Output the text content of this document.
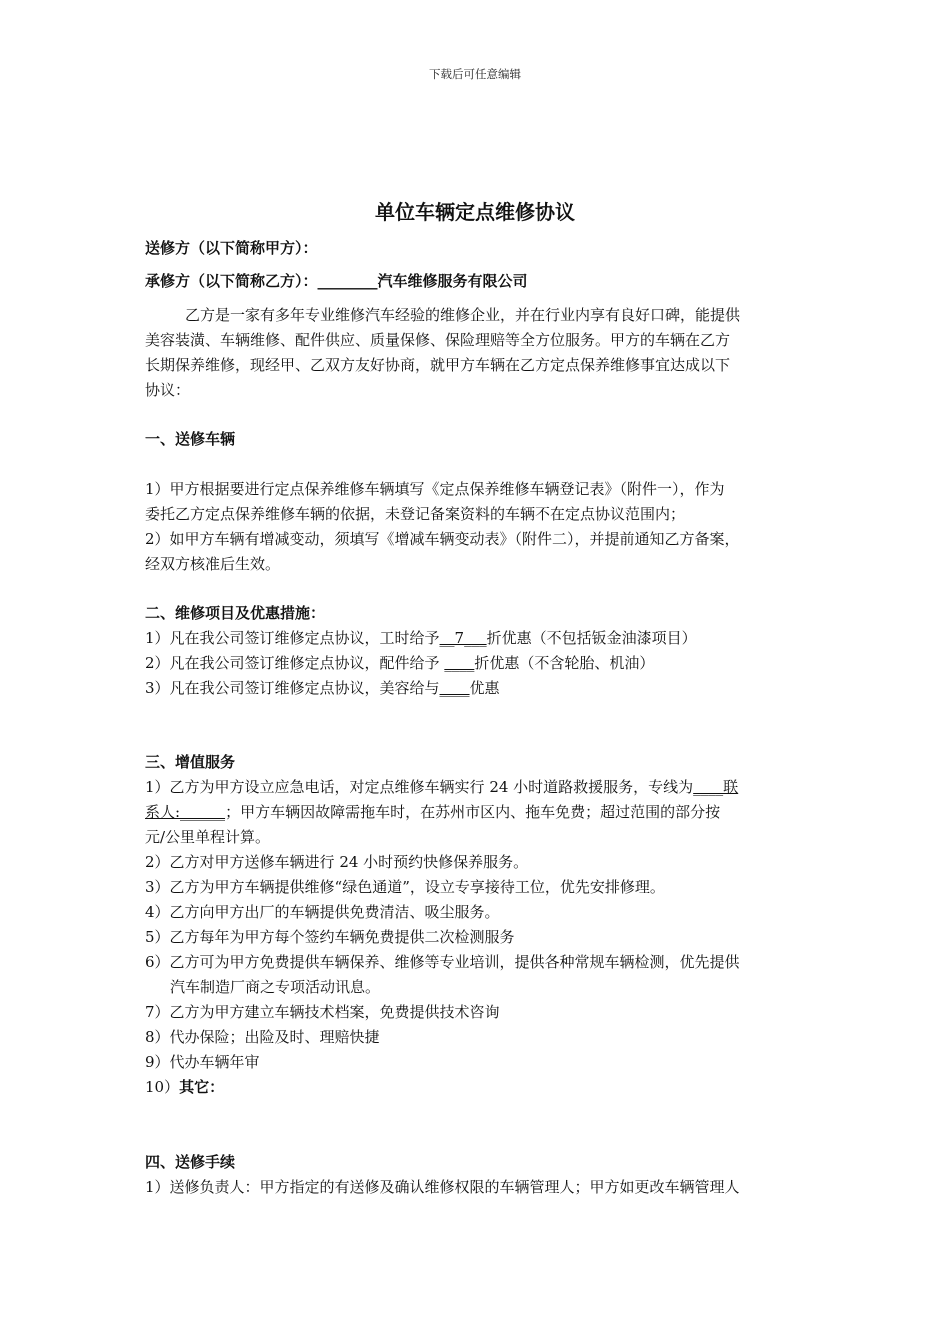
下载后可任意编辑
单位车辆定点维修协议
送修方（以下简称甲方）：
承修方（以下简称乙方）：________汽车维修服务有限公司
乙方是一家有多年专业维修汽车经验的维修企业，并在行业内享有良好口碑，能提供
美容装潢、车辆维修、配件供应、质量保修、保险理赔等全方位服务。甲方的车辆在乙方
长期保养维修，现经甲、乙双方友好协商，就甲方车辆在乙方定点保养维修事宜达成以下
协议：
一、送修车辆
1）甲方根据要进行定点保养维修车辆填写《定点保养维修车辆登记表》（附件一），作为
委托乙方定点保养维修车辆的依据，未登记备案资料的车辆不在定点协议范围内；
2）如甲方车辆有增减变动，须填写《增减车辆变动表》（附件二），并提前通知乙方备案，
经双方核准后生效。
二、维修项目及优惠措施：
1）凡在我公司签订维修定点协议，工时给予__7___折优惠（不包括钣金油漆项目）
2）凡在我公司签订维修定点协议，配件给予 ____折优惠（不含轮胎、机油）
3）凡在我公司签订维修定点协议，美容给与____优惠
三、增值服务
1）乙方为甲方设立应急电话，对定点维修车辆实行 24 小时道路救援服务，专线为____联
系人:______；甲方车辆因故障需拖车时，在苏州市区内、拖车免费；超过范围的部分按
元/公里单程计算。
2）乙方对甲方送修车辆进行 24 小时预约快修保养服务。
3）乙方为甲方车辆提供维修“绿色通道”，设立专享接待工位，优先安排修理。
4）乙方向甲方出厂的车辆提供免费清洁、吸尘服务。
5）乙方每年为甲方每个签约车辆免费提供二次检测服务
6）乙方可为甲方免费提供车辆保养、维修等专业培训，提供各种常规车辆检测，优先提供
汽车制造厂商之专项活动讯息。
7）乙方为甲方建立车辆技术档案，免费提供技术咨询
8）代办保险；出险及时、理赔快捷
9）代办车辆年审
10）其它：
四、送修手续
1）送修负责人：甲方指定的有送修及确认维修权限的车辆管理人；甲方如更改车辆管理人
